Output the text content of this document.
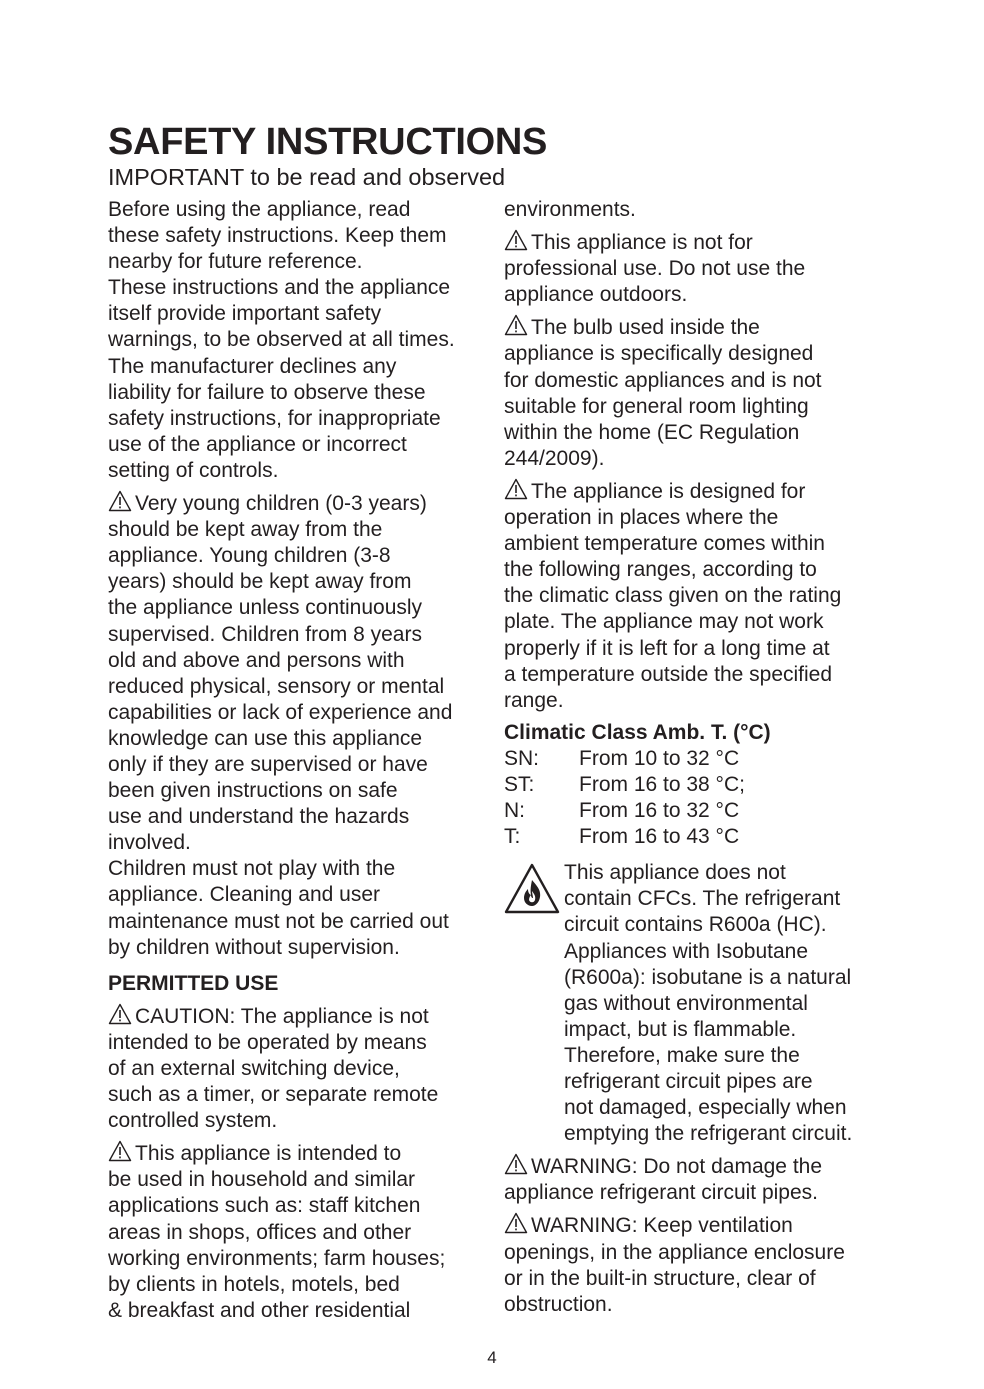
SAFETY INSTRUCTIONS
IMPORTANT to be read and observed

Before using the appliance, read
these safety instructions. Keep them
nearby for future reference.
These instructions and the appliance
itself provide important safety
warnings, to be observed at all times.
The manufacturer declines any
liability for failure to observe these
safety instructions, for inappropriate
use of the appliance or incorrect
setting of controls.

Very young children (0-3 years)
should be kept away from the
appliance. Young children (3-8
years) should be kept away from
the appliance unless continuously
supervised. Children from 8 years
old and above and persons with
reduced physical, sensory or mental
capabilities or lack of experience and
knowledge can use this appliance
only if they are supervised or have
been given instructions on safe
use and understand the hazards
involved.
Children must not play with the
appliance. Cleaning and user
maintenance must not be carried out
by children without supervision.

PERMITTED USE

CAUTION: The appliance is not
intended to be operated by means
of an external switching device,
such as a timer, or separate remote
controlled system.

This appliance is intended to
be used in household and similar
applications such as: staff kitchen
areas in shops, offices and other
working environments; farm houses;
by clients in hotels, motels, bed
& breakfast and other residential

environments.

This appliance is not for
professional use. Do not use the
appliance outdoors.

The bulb used inside the
appliance is specifically designed
for domestic appliances and is not
suitable for general room lighting
within the home (EC Regulation
244/2009).

The appliance is designed for
operation in places where the
ambient temperature comes within
the following ranges, according to
the climatic class given on the rating
plate. The appliance may not work
properly if it is left for a long time at
a temperature outside the specified
range.

Climatic Class Amb. T. (°C)
SN:	From 10 to 32 °C
ST:	From 16 to 38 °C;
N:	From 16 to 32 °C
T:	From 16 to 43 °C
This appliance does not
contain CFCs. The refrigerant
circuit contains R600a (HC).
Appliances with Isobutane
(R600a): isobutane is a natural
gas without environmental
impact, but is flammable.
Therefore, make sure the
refrigerant circuit pipes are
not damaged, especially when
emptying the refrigerant circuit.

WARNING: Do not damage the
appliance refrigerant circuit pipes.

WARNING: Keep ventilation
openings, in the appliance enclosure
or in the built-in structure, clear of
obstruction.

4
